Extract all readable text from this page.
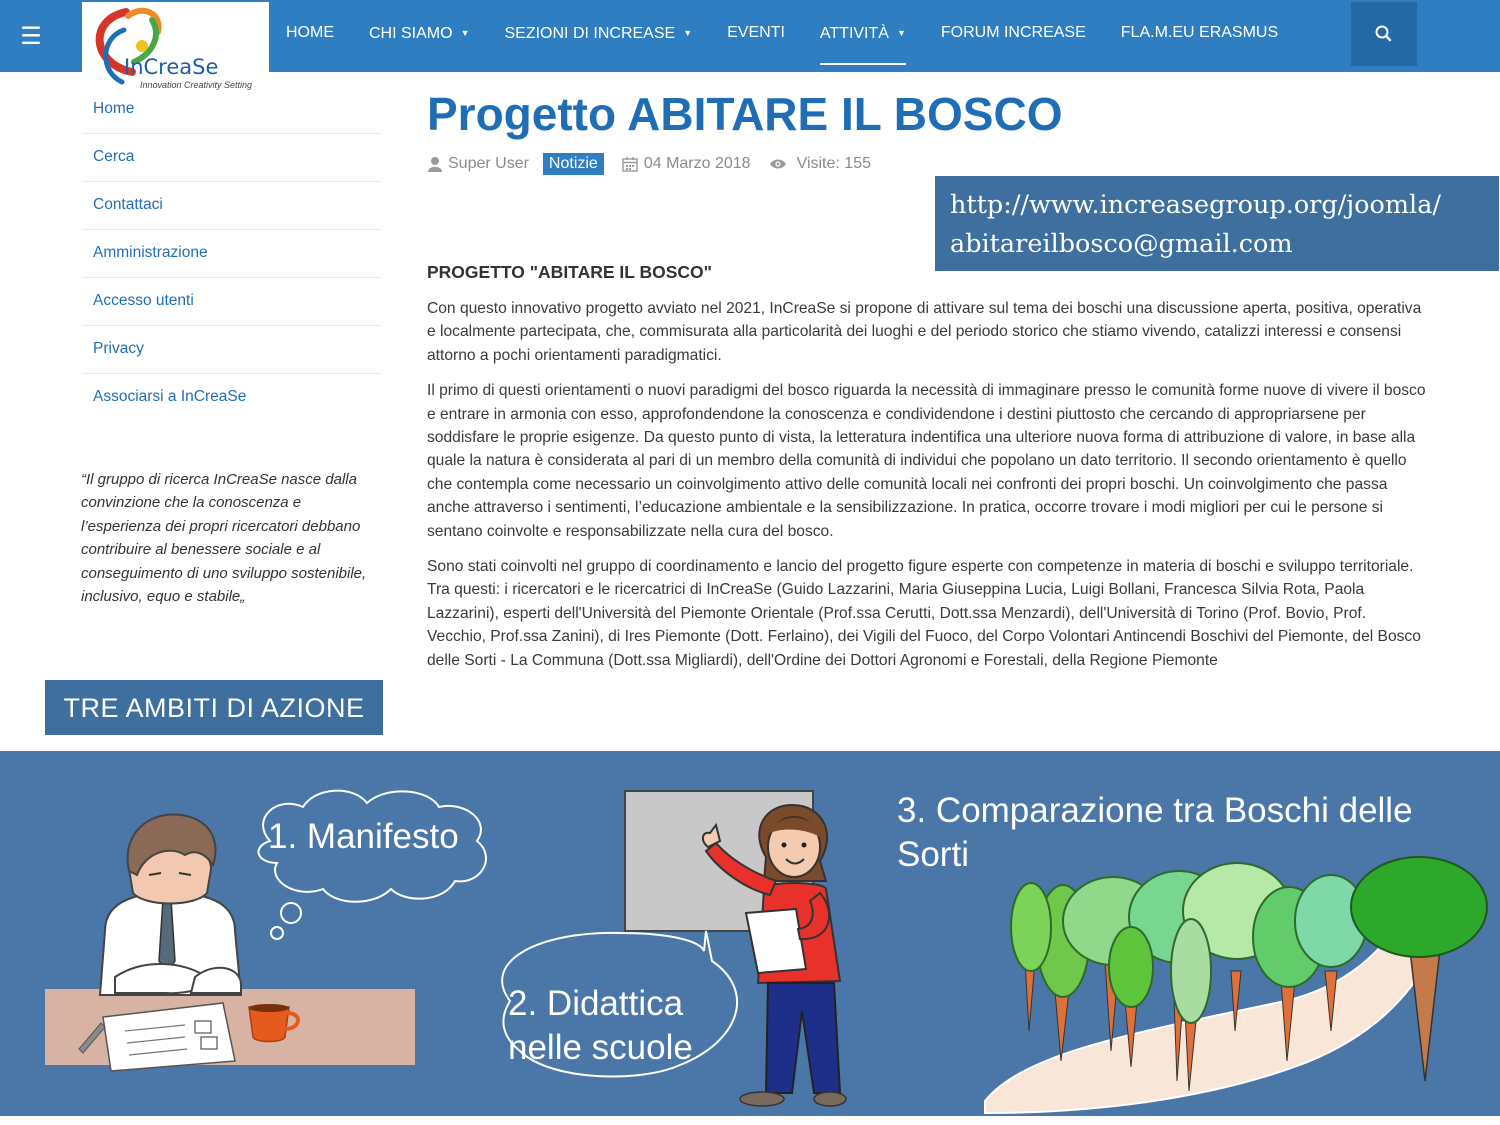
☰
InCreaSe
Innovation Creativity Setting
HOME CHI SIAMO ▼ SEZIONI DI INCREASE ▼ EVENTI ATTIVITÀ ▼ FORUM INCREASE FLA.M.EU ERASMUS
Home
Cerca
Contattaci
Amministrazione
Accesso utenti
Privacy
Associarsi a InCreaSe
“Il gruppo di ricerca InCreaSe nasce dalla convinzione che la conoscenza e l’esperienza dei propri ricercatori debbano contribuire al benessere sociale e al conseguimento di uno sviluppo sostenibile, inclusivo, equo e stabile„
TRE AMBITI DI AZIONE
Progetto ABITARE IL BOSCO
Super User	Notizie	04 Marzo 2018	Visite: 155
http://www.increasegroup.org/joomla/
abitareilbosco@gmail.com
PROGETTO "ABITARE IL BOSCO"

Con questo innovativo progetto avviato nel 2021, InCreaSe si propone di attivare sul tema dei boschi una discussione aperta, positiva, operativa e localmente partecipata, che, commisurata alla particolarità dei luoghi e del periodo storico che stiamo vivendo, catalizzi interessi e consensi attorno a pochi orientamenti paradigmatici.

Il primo di questi orientamenti o nuovi paradigmi del bosco riguarda la necessità di immaginare presso le comunità forme nuove di vivere il bosco e entrare in armonia con esso, approfondendone la conoscenza e condividendone i destini piuttosto che cercando di appropriarsene per soddisfare le proprie esigenze. Da questo punto di vista, la letteratura indentifica una ulteriore nuova forma di attribuzione di valore, in base alla quale la natura è considerata al pari di un membro della comunità di individui che popolano un dato territorio. Il secondo orientamento è quello che contempla come necessario un coinvolgimento attivo delle comunità locali nei confronti dei propri boschi. Un coinvolgimento che passa anche attraverso i sentimenti, l’educazione ambientale e la sensibilizzazione. In pratica, occorre trovare i modi migliori per cui le persone si sentano coinvolte e responsabilizzate nella cura del bosco.

Sono stati coinvolti nel gruppo di coordinamento e lancio del progetto figure esperte con competenze in materia di boschi e sviluppo territoriale. Tra questi: i ricercatori e le ricercatrici di InCreaSe (Guido Lazzarini, Maria Giuseppina Lucia, Luigi Bollani, Francesca Silvia Rota, Paola Lazzarini), esperti dell'Università del Piemonte Orientale (Prof.ssa Cerutti, Dott.ssa Menzardi), dell'Università di Torino (Prof. Bovio, Prof. Vecchio, Prof.ssa Zanini), di Ires Piemonte (Dott. Ferlaino), dei Vigili del Fuoco, del Corpo Volontari Antincendi Boschivi del Piemonte, del Bosco delle Sorti - La Communa (Dott.ssa Migliardi), dell'Ordine dei Dottori Agronomi e Forestali, della Regione Piemonte

1. Manifesto
2. Didattica
nelle scuole
3. Comparazione tra Boschi delle
Sorti
